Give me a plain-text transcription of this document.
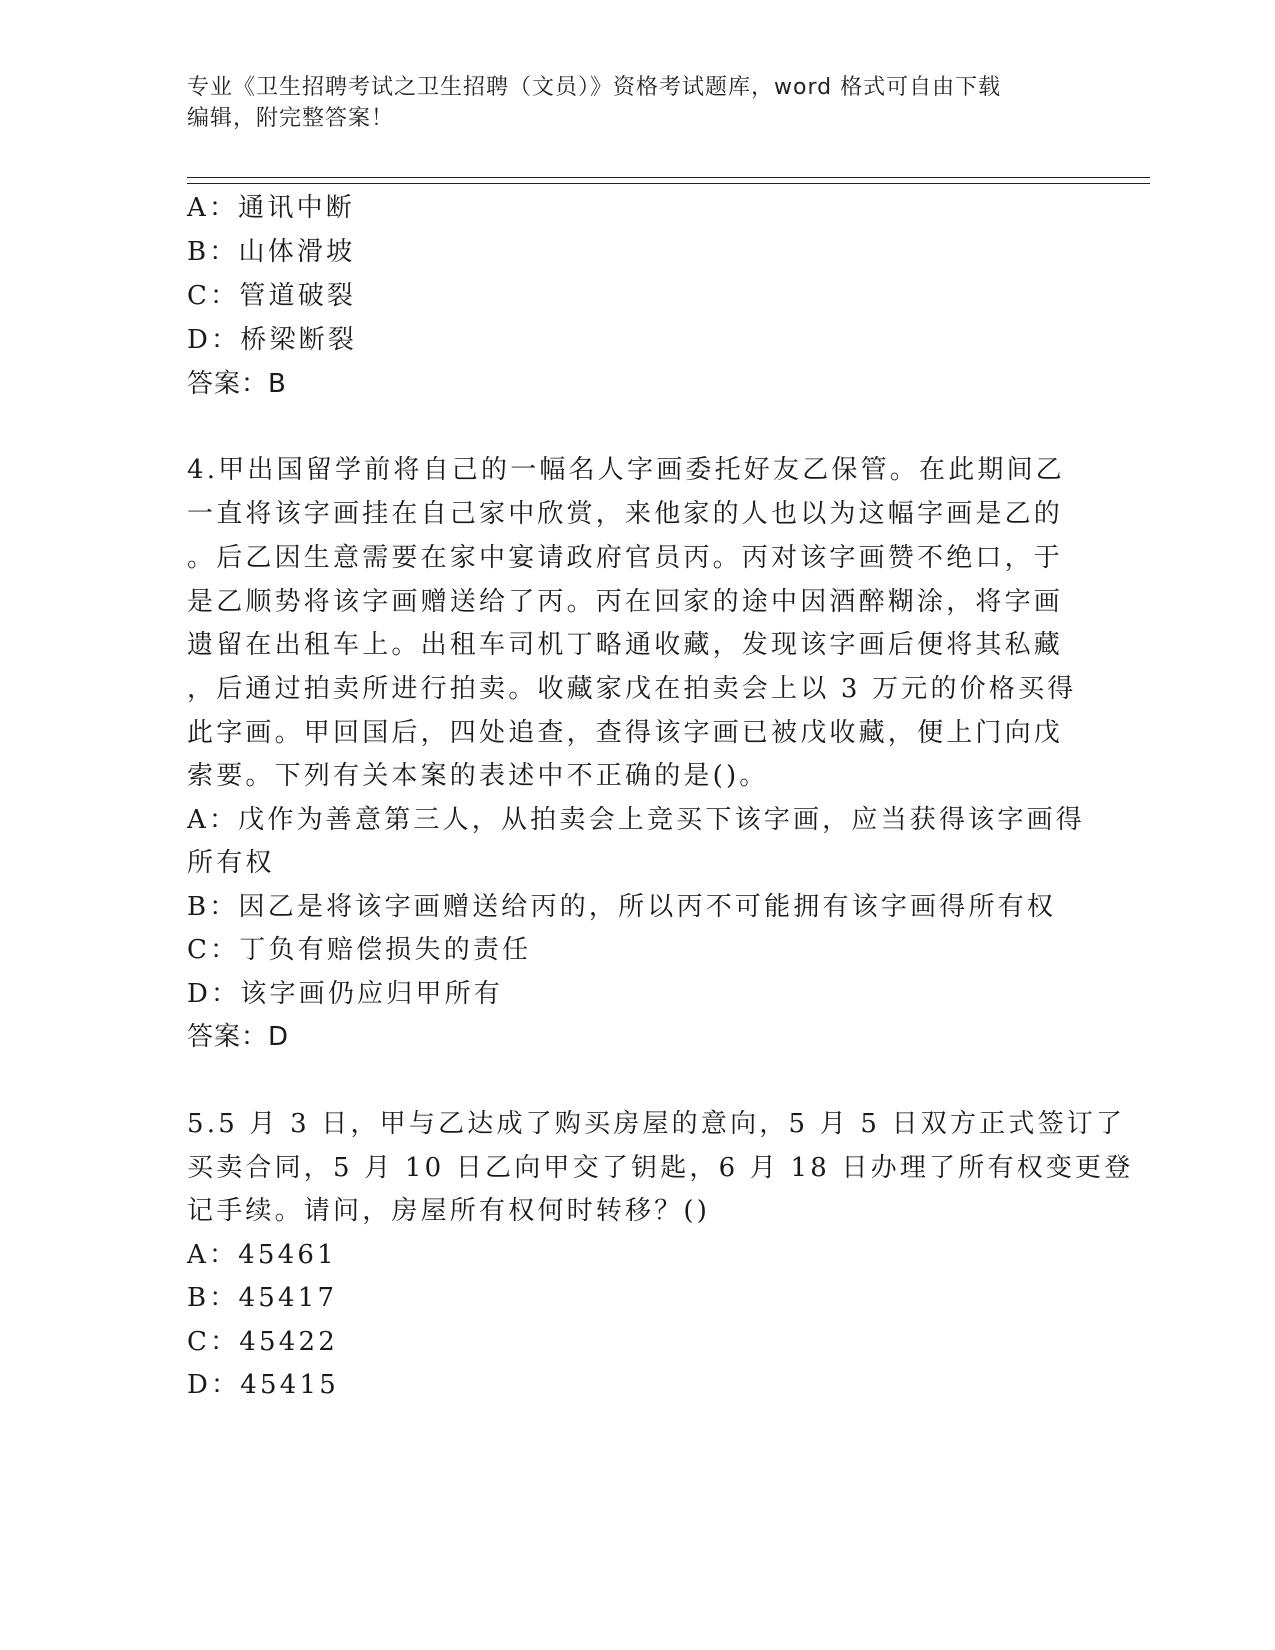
专业《卫生招聘考试之卫生招聘（文员）》资格考试题库，word 格式可自由下载
编辑，附完整答案！
A：通讯中断
B：山体滑坡
C：管道破裂
D：桥梁断裂
答案：B
4.甲出国留学前将自己的一幅名人字画委托好友乙保管。在此期间乙
一直将该字画挂在自己家中欣赏，来他家的人也以为这幅字画是乙的
。后乙因生意需要在家中宴请政府官员丙。丙对该字画赞不绝口，于
是乙顺势将该字画赠送给了丙。丙在回家的途中因酒醉糊涂，将字画
遗留在出租车上。出租车司机丁略通收藏，发现该字画后便将其私藏
，后通过拍卖所进行拍卖。收藏家戊在拍卖会上以 3 万元的价格买得
此字画。甲回国后，四处追查，查得该字画已被戊收藏，便上门向戊
索要。下列有关本案的表述中不正确的是()。
A：戊作为善意第三人，从拍卖会上竞买下该字画，应当获得该字画得
所有权
B：因乙是将该字画赠送给丙的，所以丙不可能拥有该字画得所有权
C：丁负有赔偿损失的责任
D：该字画仍应归甲所有
答案：D
5.5 月 3 日，甲与乙达成了购买房屋的意向，5 月 5 日双方正式签订了
买卖合同，5 月 10 日乙向甲交了钥匙，6 月 18 日办理了所有权变更登
记手续。请问，房屋所有权何时转移？()
A：45461
B：45417
C：45422
D：45415
